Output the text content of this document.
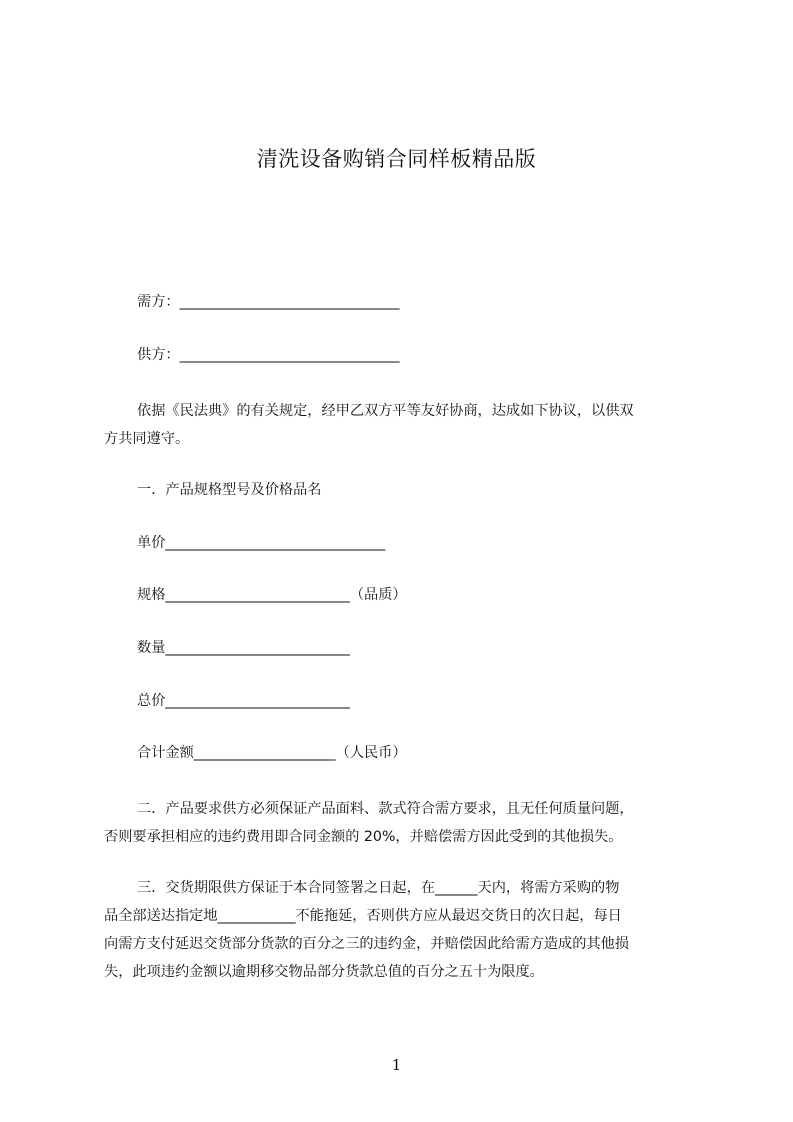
清洗设备购销合同样板精品版
需方：_______________________________
供方：_______________________________
依据《民法典》的有关规定，经甲乙双方平等友好协商，达成如下协议，以供双
方共同遵守。
一．产品规格型号及价格品名
单价_______________________________
规格__________________________（品质）
数量__________________________
总价__________________________
合计金额____________________（人民币）
二．产品要求供方必须保证产品面料、款式符合需方要求，且无任何质量问题，
否则要承担相应的违约费用即合同金额的 20%，并赔偿需方因此受到的其他损失。
三．交货期限供方保证于本合同签署之日起，在______天内，将需方采购的物
品全部送达指定地___________不能拖延，否则供方应从最迟交货日的次日起，每日
向需方支付延迟交货部分货款的百分之三的违约金，并赔偿因此给需方造成的其他损
失，此项违约金额以逾期移交物品部分货款总值的百分之五十为限度。
1
